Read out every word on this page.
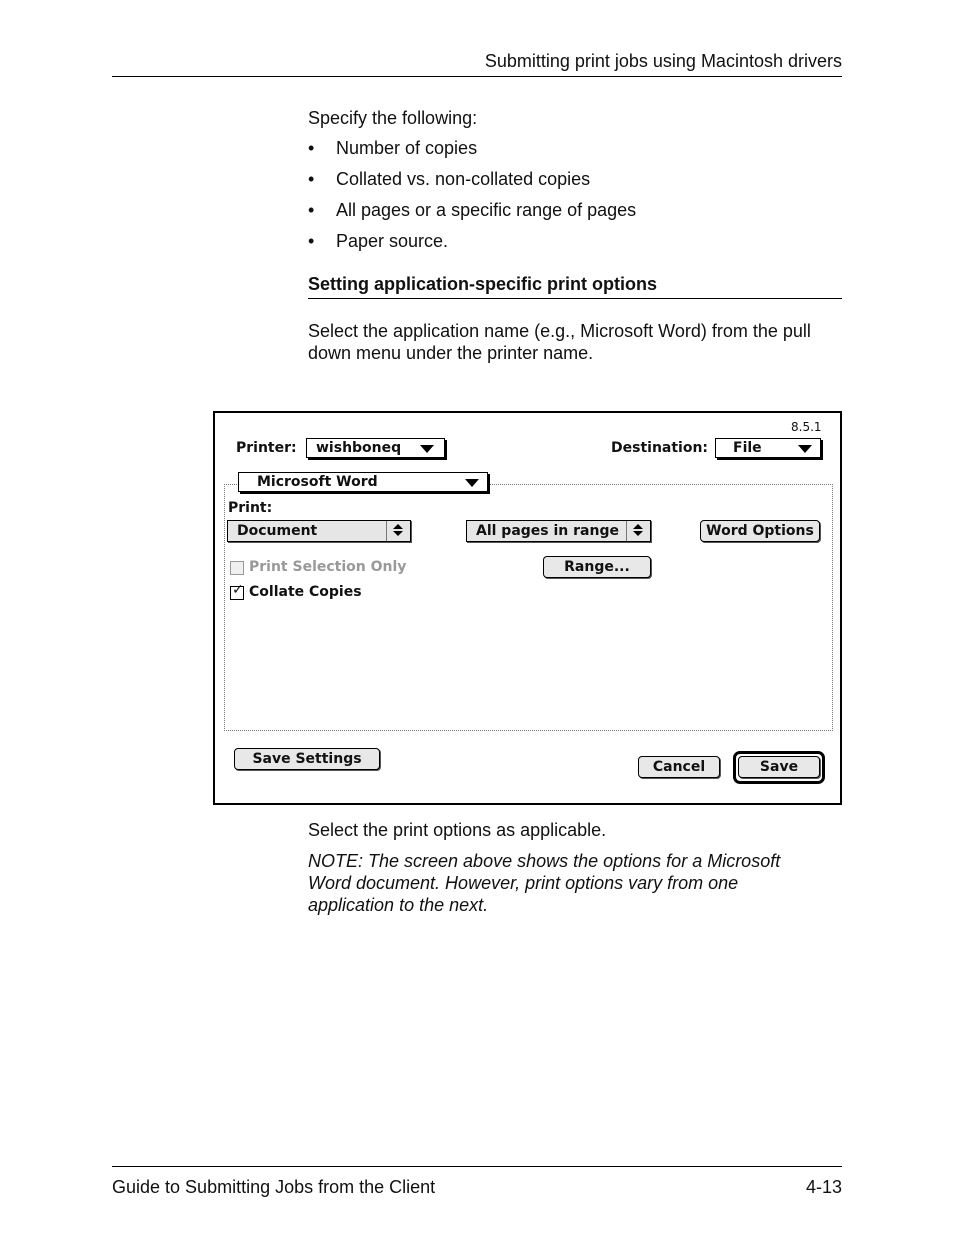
Submitting print jobs using Macintosh drivers
Specify the following:
• Number of copies
• Collated vs. non-collated copies
• All pages or a specific range of pages
• Paper source.
Setting application-specific print options
Select the application name (e.g., Microsoft Word) from the pull down menu under the printer name.
8.5.1
Printer: wishboneq	Destination: File
Microsoft Word
Print:
Document	All pages in range	Word Options
Range...
Print Selection Only
✓ Collate Copies
Save Settings	Cancel	Save
Select the print options as applicable.
NOTE: The screen above shows the options for a Microsoft Word document. However, print options vary from one application to the next.
Guide to Submitting Jobs from the Client	4-13
